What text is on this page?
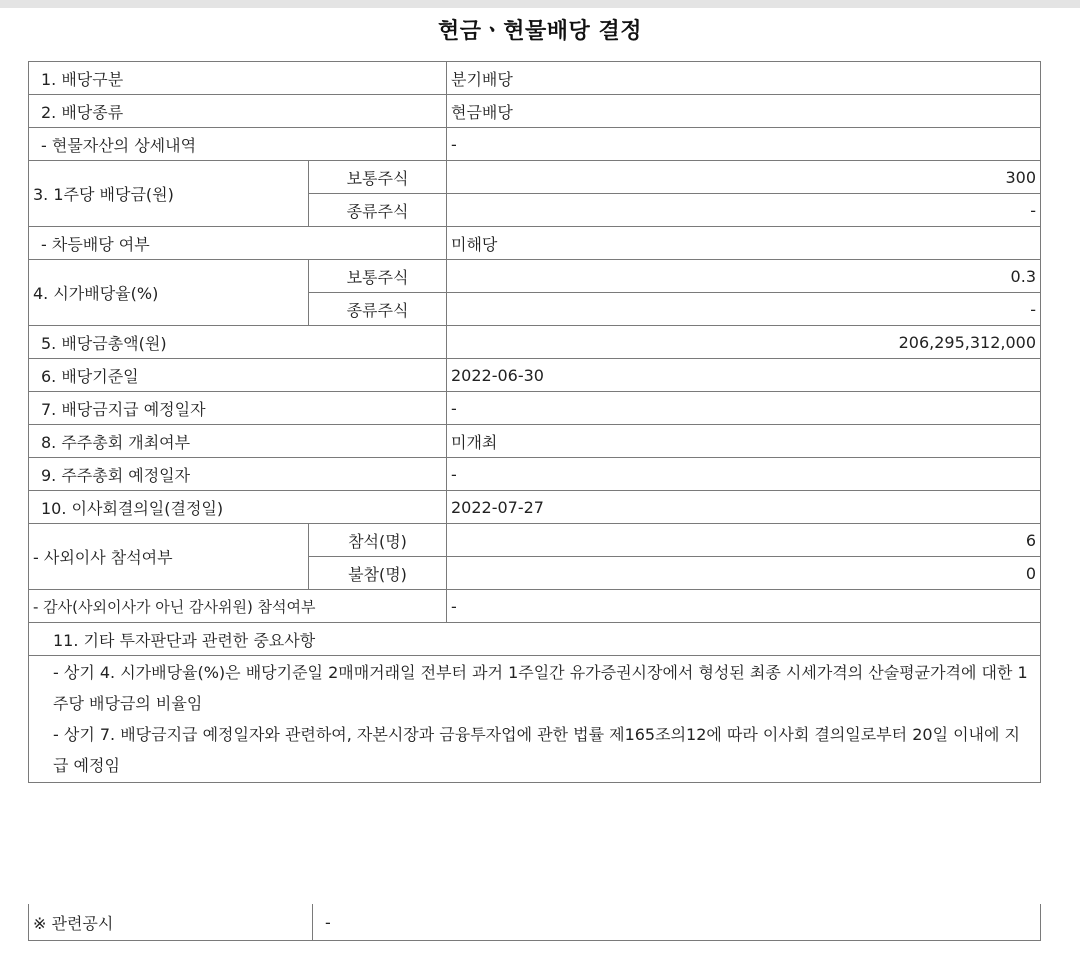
현금ㆍ현물배당 결정
1. 배당구분		분기배당
2. 배당종류		현금배당
- 현물자산의 상세내역		-
3. 1주당 배당금(원)	보통주식	300
	종류주식	-
- 차등배당 여부		미해당
4. 시가배당율(%)	보통주식	0.3
	종류주식	-
5. 배당금총액(원)		206,295,312,000
6. 배당기준일		2022-06-30
7. 배당금지급 예정일자		-
8. 주주총회 개최여부		미개최
9. 주주총회 예정일자		-
10. 이사회결의일(결정일)		2022-07-27
- 사외이사 참석여부	참석(명)	6
	불참(명)	0
- 감사(사외이사가 아닌 감사위원) 참석여부		-
11. 기타 투자판단과 관련한 중요사항		

- 상기 4. 시가배당율(%)은 배당기준일 2매매거래일 전부터 과거 1주일간 유가증권시장에서 형성된 최종 시세가격의 산술평균가격에 대한 1주당 배당금의 비율임

- 상기 7. 배당금지급 예정일자와 관련하여, 자본시장과 금융투자업에 관한 법률 제165조의12에 따라 이사회 결의일로부터 20일 이내에 지급 예정임		

※ 관련공시	-
